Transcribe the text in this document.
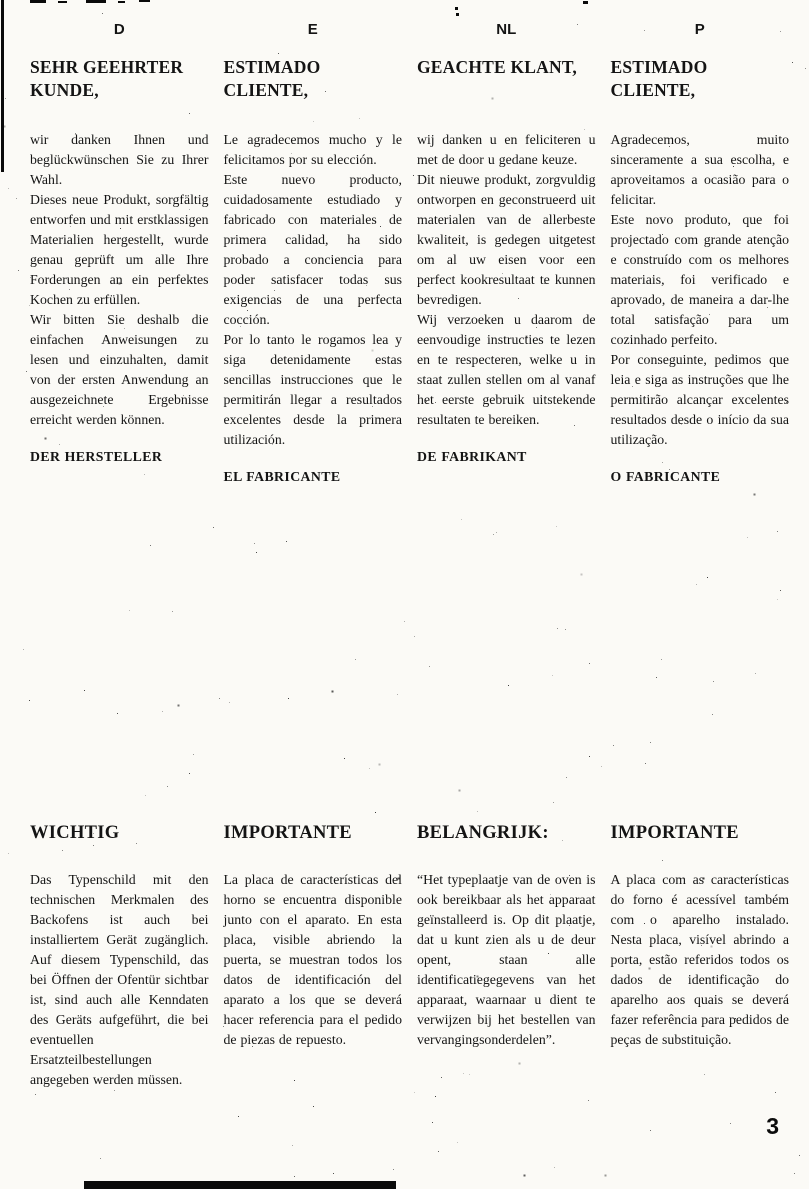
D
SEHR GEEHRTER KUNDE,

wir danken Ihnen und beglückwünschen Sie zu Ihrer Wahl.

Dieses neue Produkt, sorgfältig entworfen und mit erstklassigen Materialien hergestellt, wurde genau geprüft um alle Ihre Forderungen an ein perfektes Kochen zu erfüllen.

Wir bitten Sie deshalb die einfachen Anweisungen zu lesen und einzuhalten, damit von der ersten Anwendung an ausgezeichnete Ergebnisse erreicht werden können.

DER HERSTELLER

E
ESTIMADO CLIENTE,

Le agradecemos mucho y le felicitamos por su elección.

Este nuevo producto, cuidadosamente estudiado y fabricado con materiales de primera calidad, ha sido probado a conciencia para poder satisfacer todas sus exigencias de una perfecta cocción.

Por lo tanto le rogamos lea y siga detenidamente estas sencillas instrucciones que le permitirán llegar a resultados excelentes desde la primera utilización.

EL FABRICANTE

NL
GEACHTE KLANT,

wij danken u en feliciteren u met de door u gedane keuze.

Dit nieuwe produkt, zorgvuldig ontworpen en geconstrueerd uit materialen van de allerbeste kwaliteit, is gedegen uitgetest om al uw eisen voor een perfect kookresultaat te kunnen bevredigen.

Wij verzoeken u daarom de eenvoudige instructies te lezen en te respecteren, welke u in staat zullen stellen om al vanaf het eerste gebruik uitstekende resultaten te bereiken.

DE FABRIKANT

P
ESTIMADO CLIENTE,

Agradecemos, muito sinceramente a sua escolha, e aproveitamos a ocasião para o felicitar.

Este novo produto, que foi projectado com grande atenção e construído com os melhores materiais, foi verificado e aprovado, de maneira a dar-lhe total satisfação para um cozinhado perfeito.

Por conseguinte, pedimos que leia e siga as instruções que lhe permitirão alcançar excelentes resultados desde o início da sua utilização.

O FABRICANTE

WICHTIG

Das Typenschild mit den technischen Merkmalen des Backofens ist auch bei installiertem Gerät zugänglich. Auf diesem Typenschild, das bei Öffnen der Ofentür sichtbar ist, sind auch alle Kenndaten des Geräts aufgeführt, die bei eventuellen Ersatzteilbestellungen angegeben werden müssen.

IMPORTANTE

La placa de características del horno se encuentra disponible junto con el aparato. En esta placa, visible abriendo la puerta, se muestran todos los datos de identificación del aparato a los que se deverá hacer referencia para el pedido de piezas de repuesto.

BELANGRIJK:

“Het typeplaatje van de oven is ook bereikbaar als het apparaat geïnstalleerd is. Op dit plaatje, dat u kunt zien als u de deur opent, staan alle identificatiegegevens van het apparaat, waarnaar u dient te verwijzen bij het bestellen van vervangingsonderdelen”.

IMPORTANTE

A placa com as características do forno é acessível também com o aparelho instalado. Nesta placa, visível abrindo a porta, estão referidos todos os dados de identificação do aparelho aos quais se deverá fazer referência para pedidos de peças de substituição.

3
